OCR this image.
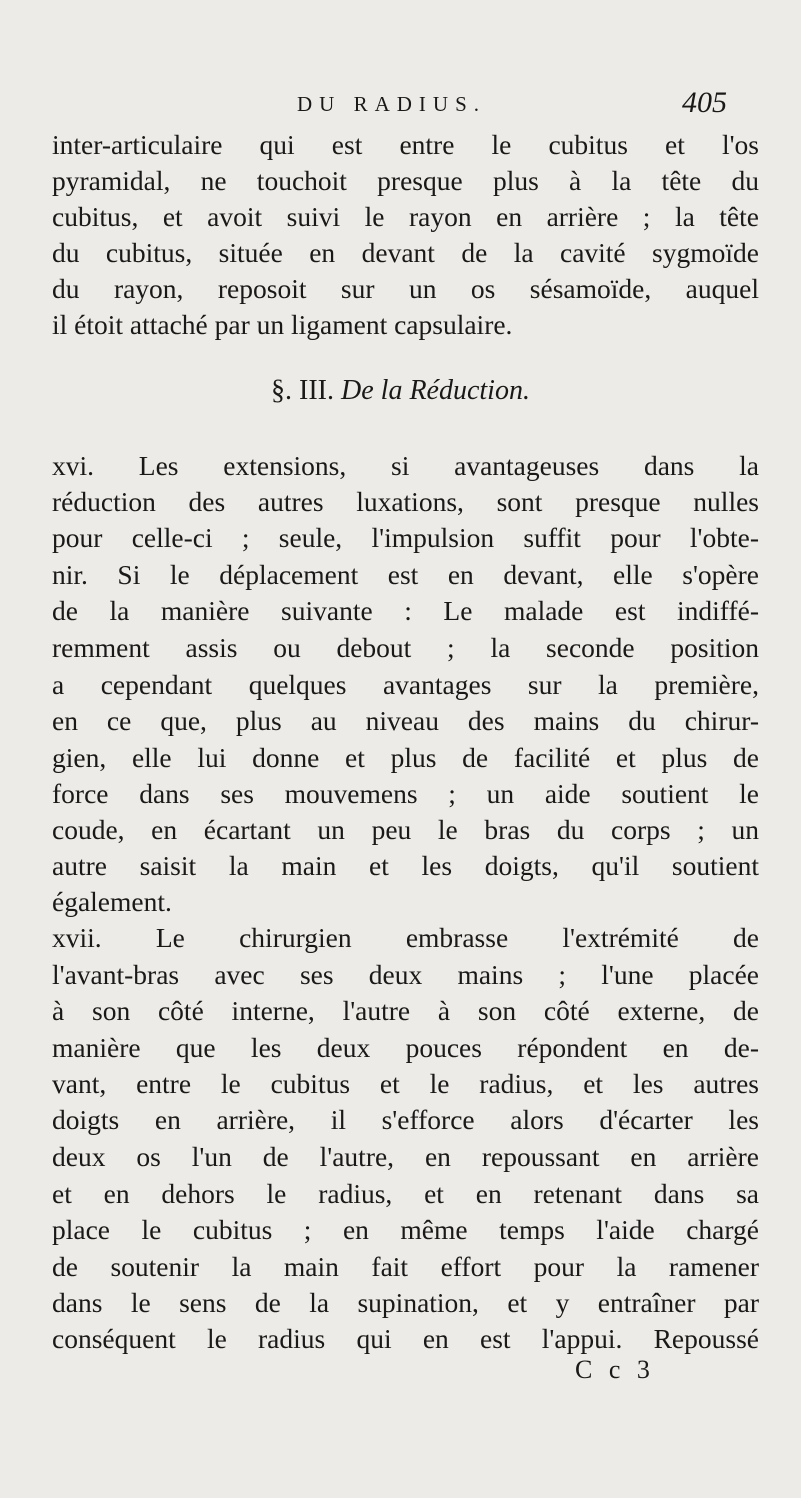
DU RADIUS.	405
inter-articulaire qui est entre le cubitus et l'os
pyramidal, ne touchoit presque plus à la tête du
cubitus, et avoit suivi le rayon en arrière ; la tête
du cubitus, située en devant de la cavité sygmoïde
du rayon, reposoit sur un os sésamoïde, auquel
il étoit attaché par un ligament capsulaire.
§. III. De la Réduction.
xvi. Les extensions, si avantageuses dans la
réduction des autres luxations, sont presque nulles
pour celle-ci ; seule, l'impulsion suffit pour l'obte-
nir. Si le déplacement est en devant, elle s'opère
de la manière suivante : Le malade est indiffé-
remment assis ou debout ; la seconde position
a cependant quelques avantages sur la première,
en ce que, plus au niveau des mains du chirur-
gien, elle lui donne et plus de facilité et plus de
force dans ses mouvemens ; un aide soutient le
coude, en écartant un peu le bras du corps ; un
autre saisit la main et les doigts, qu'il soutient
également.
xvii. Le chirurgien embrasse l'extrémité de
l'avant-bras avec ses deux mains ; l'une placée
à son côté interne, l'autre à son côté externe, de
manière que les deux pouces répondent en de-
vant, entre le cubitus et le radius, et les autres
doigts en arrière, il s'efforce alors d'écarter les
deux os l'un de l'autre, en repoussant en arrière
et en dehors le radius, et en retenant dans sa
place le cubitus ; en même temps l'aide chargé
de soutenir la main fait effort pour la ramener
dans le sens de la supination, et y entraîner par
conséquent le radius qui en est l'appui. Repoussé
C c 3
